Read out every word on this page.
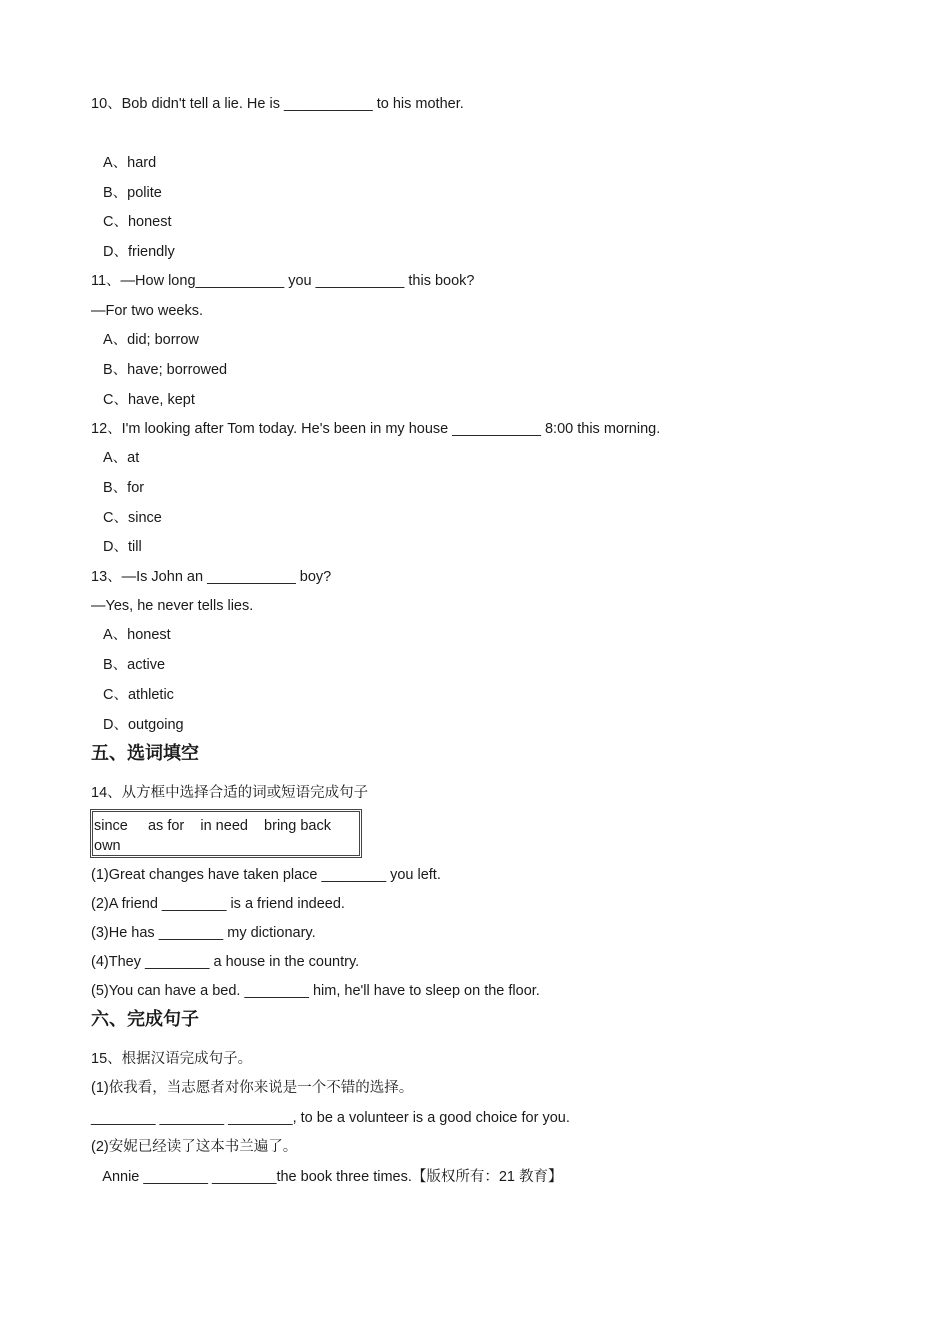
10、Bob didn't tell a lie. He is ___________ to his mother.

A、hard

B、polite

C、honest

D、friendly

11、—How long___________ you ___________ this book?

—For two weeks.

A、did; borrow

B、have; borrowed

C、have, kept

12、I'm looking after Tom today. He's been in my house ___________ 8:00 this morning.

A、at

B、for

C、since

D、till

13、—Is John an ___________ boy?

—Yes, he never tells lies.

A、honest

B、active

C、athletic

D、outgoing

五、选词填空

14、从方框中选择合适的词或短语完成句子

since     as for    in need    bring back
own

(1)Great changes have taken place ________ you left.

(2)A friend ________ is a friend indeed.

(3)He has ________ my dictionary.

(4)They ________ a house in the country.

(5)You can have a bed. ________ him, he'll have to sleep on the floor.

六、完成句子

15、根据汉语完成句子。

(1)依我看，当志愿者对你来说是一个不错的选择。

________ ________ ________, to be a volunteer is a good choice for you.

(2)安妮已经读了这本书兰遍了。

Annie ________ ________the book three times.【版权所有：21 教育】
